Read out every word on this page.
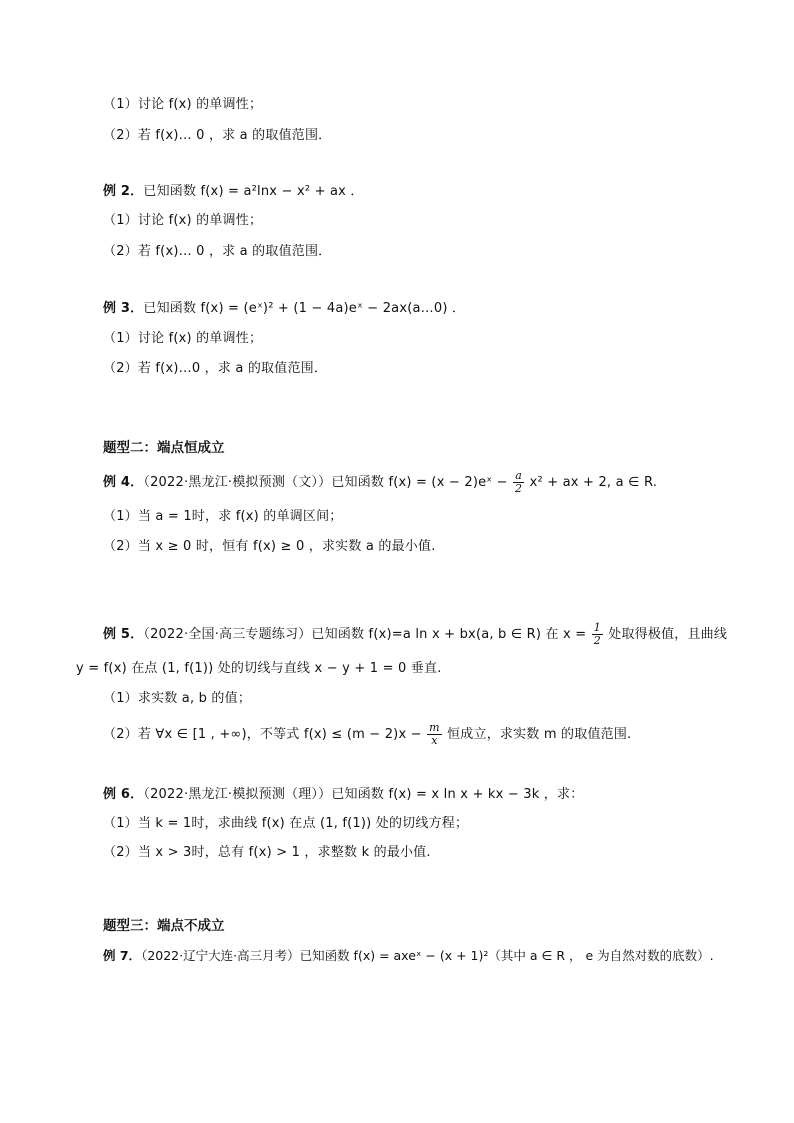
（1）讨论 f(x) 的单调性；
（2）若 f(x)… 0 ，求 a 的取值范围．
例 2．已知函数 f(x) = a²lnx − x² + ax ．
（1）讨论 f(x) 的单调性；
（2）若 f(x)… 0 ，求 a 的取值范围．
例 3．已知函数 f(x) = (eˣ)² + (1 − 4a)eˣ − 2ax(a…0) ．
（1）讨论 f(x) 的单调性；
（2）若 f(x)…0 ，求 a 的取值范围．
题型二：端点恒成立
例 4．（2022·黑龙江·模拟预测（文））已知函数 f(x) = (x − 2)eˣ − $\frac{a}{2} x^2$ + ax + 2, a ∈ R.
（1）当 a = 1时，求 f(x) 的单调区间；
（2）当 x ≥ 0 时，恒有 f(x) ≥ 0 ，求实数 a 的最小值.
例 5．（2022·全国·高三专题练习）已知函数 f(x)=a ln x + bx(a, b ∈ R) 在 $x = \frac{1}{2}$ 处取得极值，且曲线
y = f(x) 在点 (1, f(1)) 处的切线与直线 x − y + 1 = 0 垂直.
（1）求实数 a, b 的值；
（2）若 ∀x ∈ [1 , +∞)，不等式 $f(x) \le (m - 2)x - \frac{m}{x}$ 恒成立，求实数 m 的取值范围.
例 6．（2022·黑龙江·模拟预测（理））已知函数 f(x) = x ln x + kx − 3k ，求：
（1）当 k = 1时，求曲线 f(x) 在点 (1, f(1)) 处的切线方程；
（2）当 x > 3时，总有 f(x) > 1 ，求整数 k 的最小值.
题型三：端点不成立
例 7．（2022·辽宁大连·高三月考）已知函数 f(x) = axeˣ − (x + 1)²（其中 a ∈ R ， e 为自然对数的底数）.
